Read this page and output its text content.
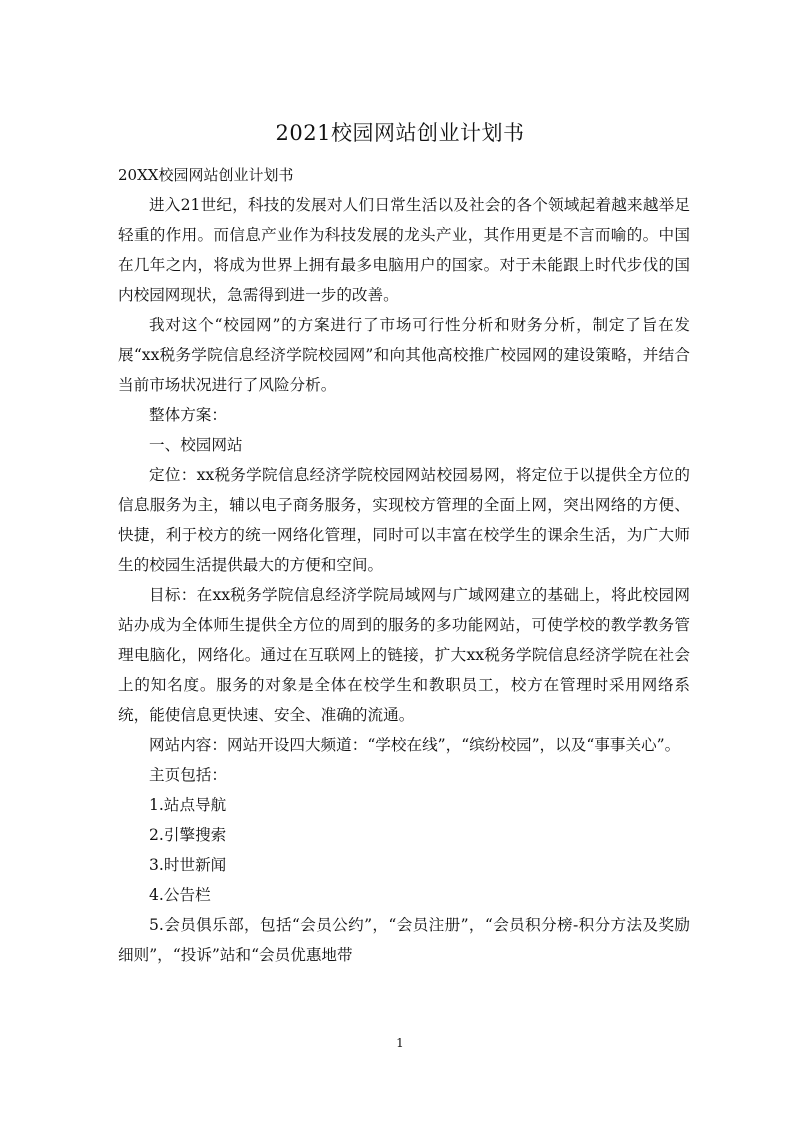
2021校园网站创业计划书
20XX校园网站创业计划书

进入21世纪，科技的发展对人们日常生活以及社会的各个领域起着越来越举足轻重的作用。而信息产业作为科技发展的龙头产业，其作用更是不言而喻的。中国在几年之内，将成为世界上拥有最多电脑用户的国家。对于未能跟上时代步伐的国内校园网现状，急需得到进一步的改善。

我对这个“校园网”的方案进行了市场可行性分析和财务分析，制定了旨在发展“xx税务学院信息经济学院校园网”和向其他高校推广校园网的建设策略，并结合当前市场状况进行了风险分析。

整体方案：

一、校园网站

定位：xx税务学院信息经济学院校园网站校园易网，将定位于以提供全方位的信息服务为主，辅以电子商务服务，实现校方管理的全面上网，突出网络的方便、快捷，利于校方的统一网络化管理，同时可以丰富在校学生的课余生活，为广大师生的校园生活提供最大的方便和空间。

目标：在xx税务学院信息经济学院局域网与广域网建立的基础上，将此校园网站办成为全体师生提供全方位的周到的服务的多功能网站，可使学校的教学教务管理电脑化，网络化。通过在互联网上的链接，扩大xx税务学院信息经济学院在社会上的知名度。服务的对象是全体在校学生和教职员工，校方在管理时采用网络系统，能使信息更快速、安全、准确的流通。

网站内容：网站开设四大频道：“学校在线”，“缤纷校园”，以及“事事关心”。

主页包括：

1.站点导航

2.引擎搜索

3.时世新闻

4.公告栏

5.会员俱乐部，包括“会员公约”，“会员注册”，“会员积分榜-积分方法及奖励细则”，“投诉”站和“会员优惠地带

1
